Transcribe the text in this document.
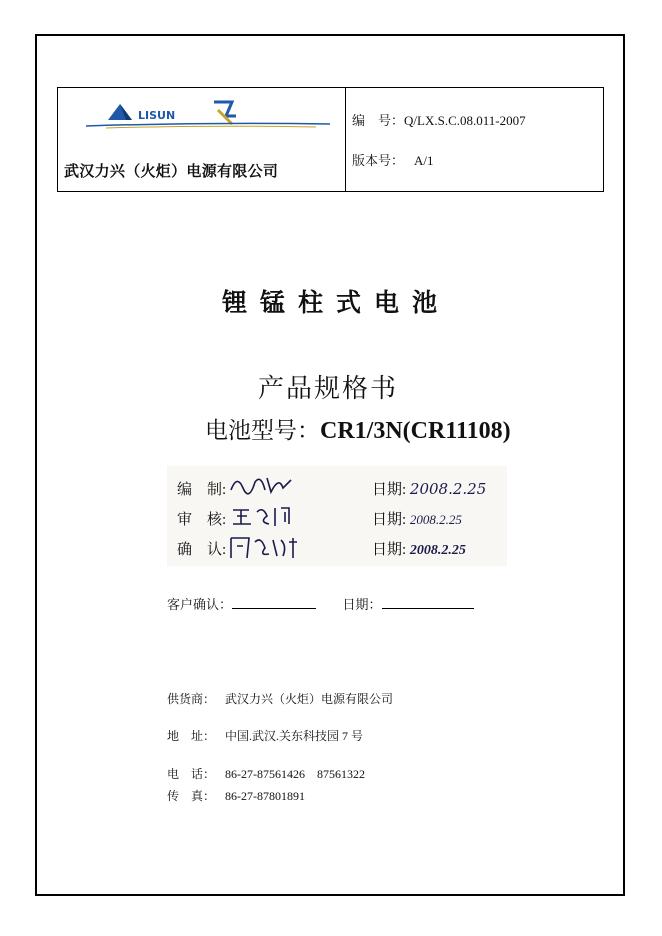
LISUN
武汉力兴（火炬）电源有限公司
编　号：Q/LX.S.C.08.011-2007
版本号： A/1
锂锰柱式电池
产品规格书
电池型号：CR1/3N(CR11108)
编　制:	日期: 2008.2.25
审　核:	日期: 2008.2.25
确　认:	日期: 2008.2.25
客户确认：	日期：
供货商： 武汉力兴（火炬）电源有限公司
地　址： 中国.武汉.关东科技园 7 号
电　话： 86-27-87561426　87561322
传　真： 86-27-87801891
